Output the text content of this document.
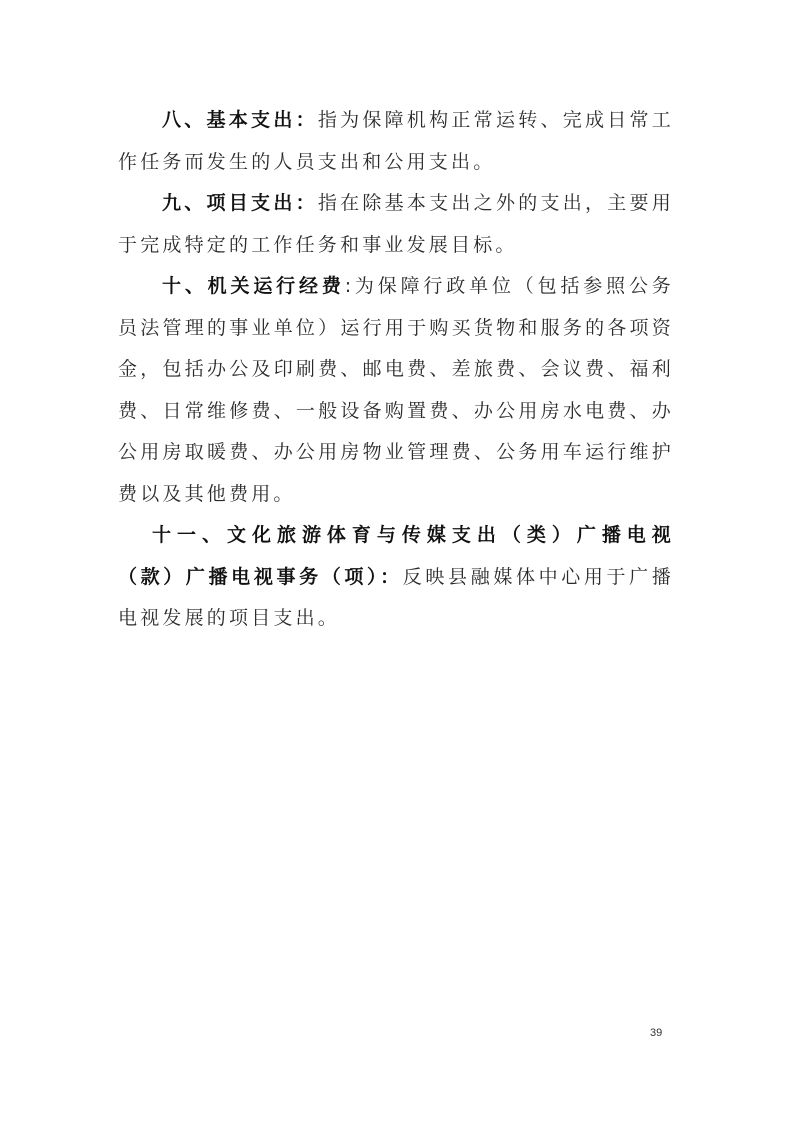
八、基本支出：指为保障机构正常运转、完成日常工作任务而发生的人员支出和公用支出。

九、项目支出：指在除基本支出之外的支出，主要用于完成特定的工作任务和事业发展目标。

十、机关运行经费:为保障行政单位（包括参照公务员法管理的事业单位）运行用于购买货物和服务的各项资金，包括办公及印刷费、邮电费、差旅费、会议费、福利费、日常维修费、一般设备购置费、办公用房水电费、办公用房取暖费、办公用房物业管理费、公务用车运行维护费以及其他费用。

十一、文化旅游体育与传媒支出（类）广播电视（款）广播电视事务（项）：反映县融媒体中心用于广播电视发展的项目支出。

39
